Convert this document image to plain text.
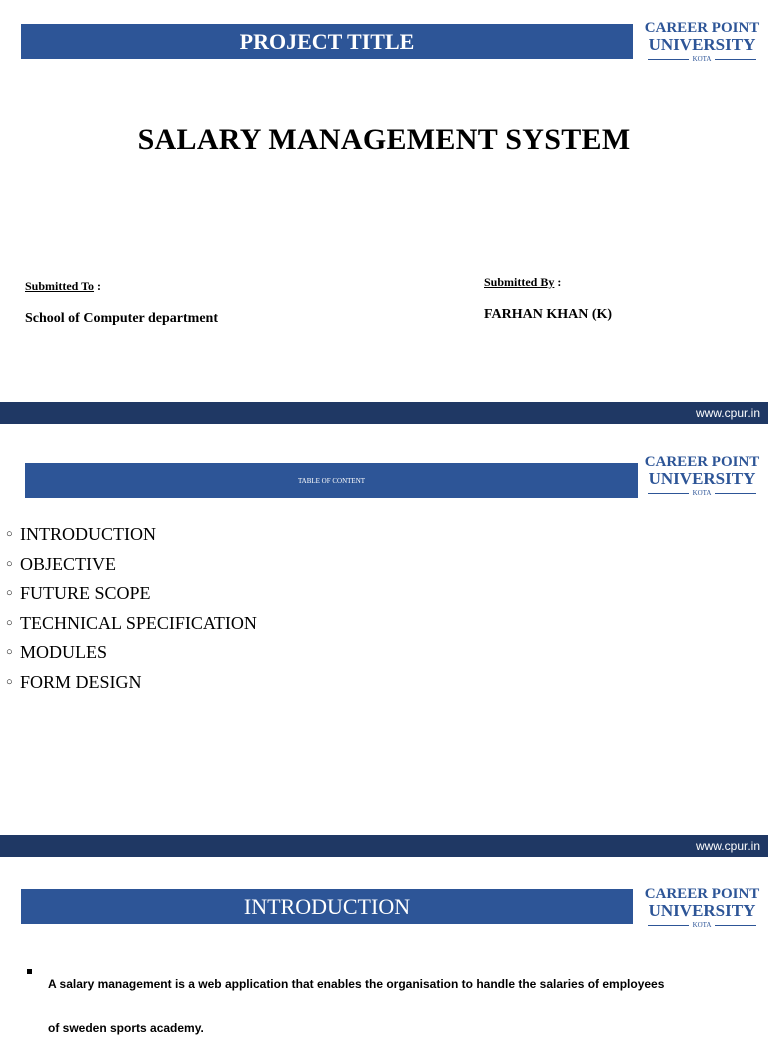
PROJECT TITLE
CAREER POINT
UNIVERSITY
KOTA
SALARY MANAGEMENT SYSTEM
Submitted To :
School of Computer department
Submitted By :
FARHAN KHAN (K)
www.cpur.in
TABLE OF CONTENT
CAREER POINT
UNIVERSITY
KOTA
○ INTRODUCTION
○ OBJECTIVE
○ FUTURE SCOPE
○ TECHNICAL SPECIFICATION
○ MODULES
○ FORM DESIGN
www.cpur.in
INTRODUCTION	CAREER POINT
UNIVERSITY
KOTA
A salary management is a web application that enables the organisation to handle the salaries of employees
of sweden sports academy.
